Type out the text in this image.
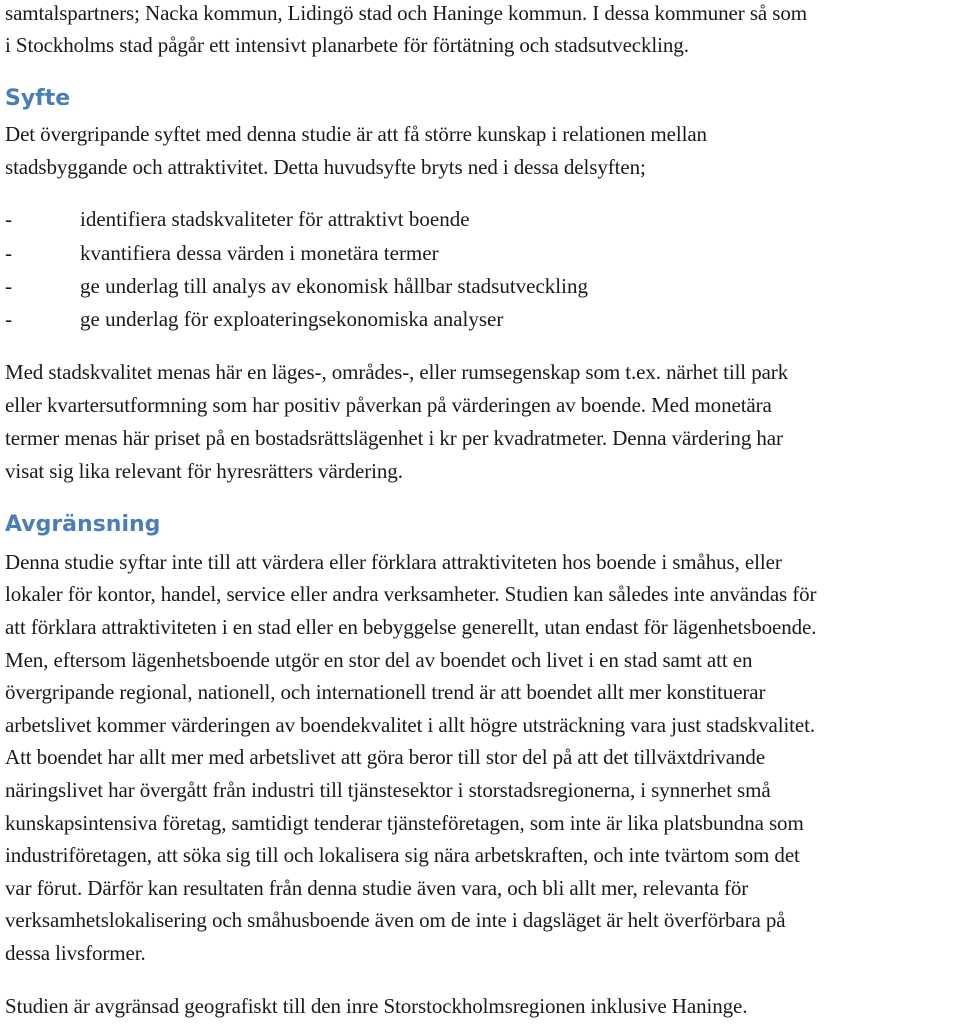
samtalspartners; Nacka kommun, Lidingö stad och Haninge kommun. I dessa kommuner så som
i Stockholms stad pågår ett intensivt planarbete för förtätning och stadsutveckling.
Syfte
Det övergripande syftet med denna studie är att få större kunskap i relationen mellan
stadsbyggande och attraktivitet. Detta huvudsyfte bryts ned i dessa delsyften;
-	identifiera stadskvaliteter för attraktivt boende
-	kvantifiera dessa värden i monetära termer
-	ge underlag till analys av ekonomisk hållbar stadsutveckling
-	ge underlag för exploateringsekonomiska analyser
Med stadskvalitet menas här en läges-, områdes-, eller rumsegenskap som t.ex. närhet till park
eller kvartersutformning som har positiv påverkan på värderingen av boende. Med monetära
termer menas här priset på en bostadsrättslägenhet i kr per kvadratmeter. Denna värdering har
visat sig lika relevant för hyresrätters värdering.
Avgränsning
Denna studie syftar inte till att värdera eller förklara attraktiviteten hos boende i småhus, eller
lokaler för kontor, handel, service eller andra verksamheter. Studien kan således inte användas för
att förklara attraktiviteten i en stad eller en bebyggelse generellt, utan endast för lägenhetsboende.
Men, eftersom lägenhetsboende utgör en stor del av boendet och livet i en stad samt att en
övergripande regional, nationell, och internationell trend är att boendet allt mer konstituerar
arbetslivet kommer värderingen av boendekvalitet i allt högre utsträckning vara just stadskvalitet.
Att boendet har allt mer med arbetslivet att göra beror till stor del på att det tillväxtdrivande
näringslivet har övergått från industri till tjänstesektor i storstadsregionerna, i synnerhet små
kunskapsintensiva företag, samtidigt tenderar tjänsteföretagen, som inte är lika platsbundna som
industriföretagen, att söka sig till och lokalisera sig nära arbetskraften, och inte tvärtom som det
var förut. Därför kan resultaten från denna studie även vara, och bli allt mer, relevanta för
verksamhetslokalisering och småhusboende även om de inte i dagsläget är helt överförbara på
dessa livsformer.
Studien är avgränsad geografiskt till den inre Storstockholmsregionen inklusive Haninge.
